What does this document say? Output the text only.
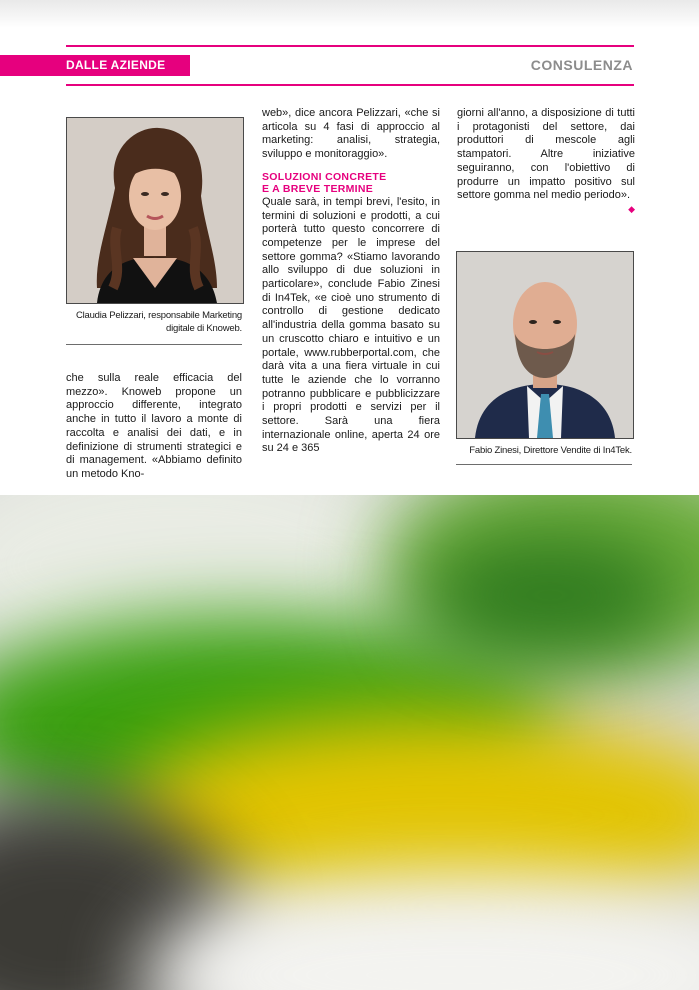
DALLE AZIENDE	CONSULENZA
Claudia Pelizzari, responsabile Marketing digitale di Knoweb.
che sulla reale efficacia del mezzo». Knoweb propone un approccio differente, integrato anche in tutto il lavoro a monte di raccolta e analisi dei dati, e in definizione di strumenti strategici e di management. «Abbiamo definito un metodo Kno-
web», dice ancora Pelizzari, «che si articola su 4 fasi di approccio al marketing: analisi, strategia, sviluppo e monitoraggio».
SOLUZIONI CONCRETE
E A BREVE TERMINE
Quale sarà, in tempi brevi, l'esito, in termini di soluzioni e prodotti, a cui porterà tutto questo concorrere di competenze per le imprese del settore gomma? «Stiamo lavorando allo sviluppo di due soluzioni in particolare», conclude Fabio Zinesi di In4Tek, «e cioè uno strumento di controllo di gestione dedicato all'industria della gomma basato su un cruscotto chiaro e intuitivo e un portale, www.rubberportal.com, che darà vita a una fiera virtuale in cui tutte le aziende che lo vorranno potranno pubblicare e pubblicizzare i propri prodotti e servizi per il settore. Sarà una fiera internazionale online, aperta 24 ore su 24 e 365
giorni all'anno, a disposizione di tutti i protagonisti del settore, dai produttori di mescole agli stampatori. Altre iniziative seguiranno, con l'obiettivo di produrre un impatto positivo sul settore gomma nel medio periodo».
◆
Fabio Zinesi, Direttore Vendite di In4Tek.
